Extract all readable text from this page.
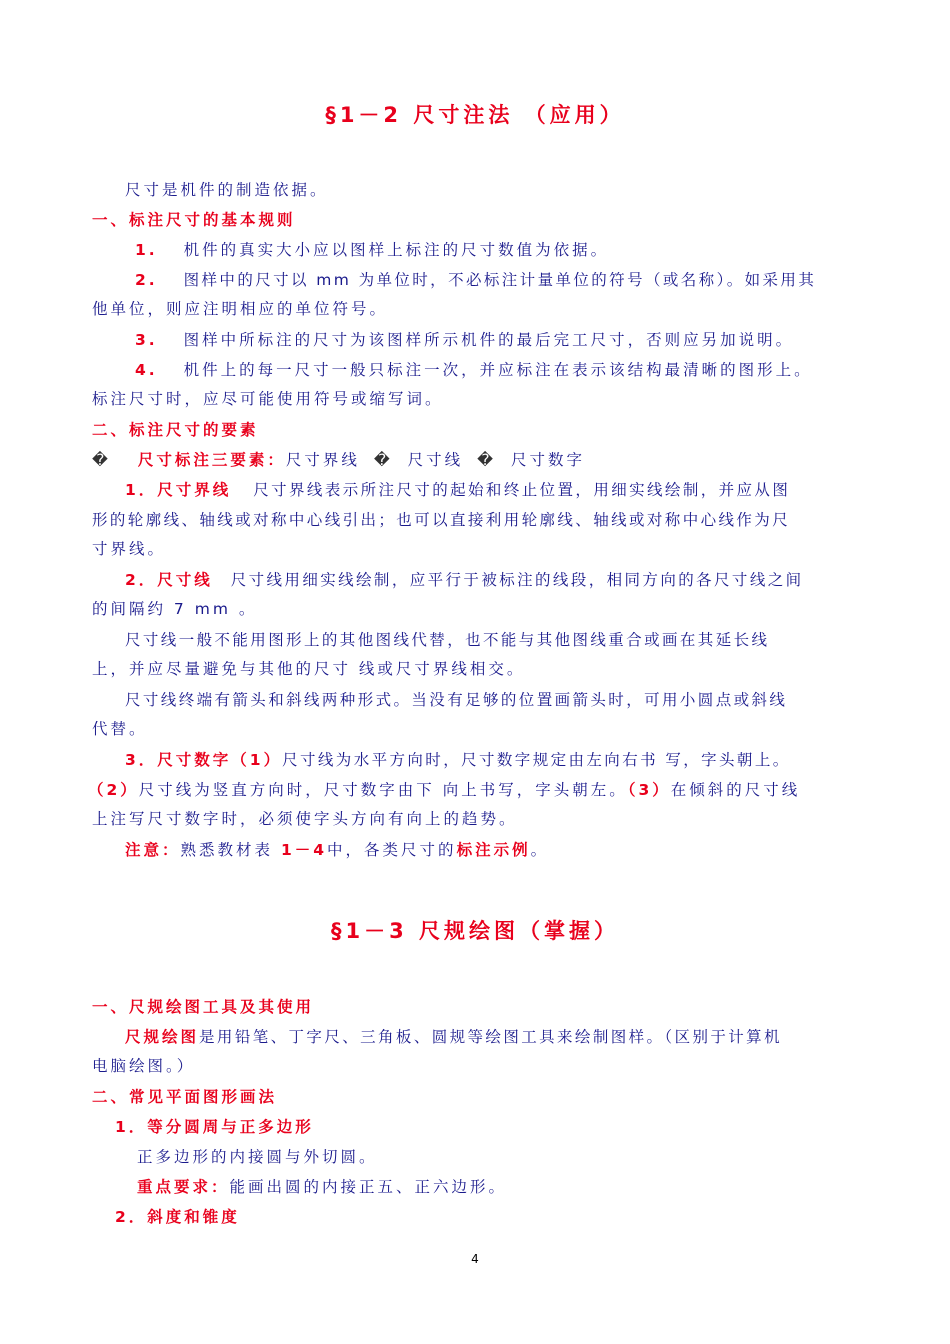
§1－2 尺寸注法 （应用）
尺寸是机件的制造依据。
一、标注尺寸的基本规则
1. 机件的真实大小应以图样上标注的尺寸数值为依据。
2. 图样中的尺寸以 mm 为单位时，不必标注计量单位的符号（或名称）。如采用其
他单位，则应注明相应的单位符号。
3. 图样中所标注的尺寸为该图样所示机件的最后完工尺寸，否则应另加说明。
4. 机件上的每一尺寸一般只标注一次，并应标注在表示该结构最清晰的图形上。
标注尺寸时，应尽可能使用符号或缩写词。
二、标注尺寸的要素
� 尺寸标注三要素：尺寸界线 � 尺寸线 � 尺寸数字
1．尺寸界线 尺寸界线表示所注尺寸的起始和终止位置，用细实线绘制，并应从图
形的轮廓线、轴线或对称中心线引出；也可以直接利用轮廓线、轴线或对称中心线作为尺
寸界线。
2．尺寸线 尺寸线用细实线绘制，应平行于被标注的线段，相同方向的各尺寸线之间
的间隔约 7 mm 。
尺寸线一般不能用图形上的其他图线代替，也不能与其他图线重合或画在其延长线
上，并应尽量避免与其他的尺寸 线或尺寸界线相交。
尺寸线终端有箭头和斜线两种形式。当没有足够的位置画箭头时，可用小圆点或斜线
代替。
3．尺寸数字（1）尺寸线为水平方向时，尺寸数字规定由左向右书 写，字头朝上。
（2）尺寸线为竖直方向时，尺寸数字由下 向上书写，字头朝左。（3）在倾斜的尺寸线
上注写尺寸数字时，必须使字头方向有向上的趋势。
注意：熟悉教材表 1－4中，各类尺寸的标注示例。
§1－3 尺规绘图（掌握）
一、尺规绘图工具及其使用
尺规绘图是用铅笔、丁字尺、三角板、圆规等绘图工具来绘制图样。（区别于计算机
电脑绘图。）
二、常见平面图形画法
1．等分圆周与正多边形
正多边形的内接圆与外切圆。
重点要求：能画出圆的内接正五、正六边形。
2．斜度和锥度
4
